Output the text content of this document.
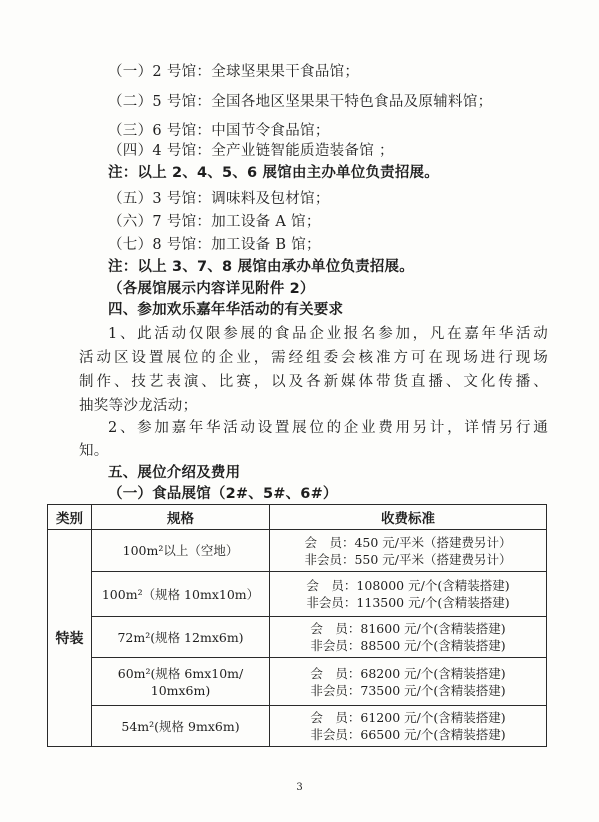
（一）2 号馆：全球坚果果干食品馆；
（二）5 号馆：全国各地区坚果果干特色食品及原辅料馆；
（三）6 号馆：中国节令食品馆；
（四）4 号馆：全产业链智能质造装备馆 ；
注：以上 2、4、5、6 展馆由主办单位负责招展。
（五）3 号馆：调味料及包材馆；
（六）7 号馆：加工设备 A 馆；
（七）8 号馆：加工设备 B 馆；
注：以上 3、7、8 展馆由承办单位负责招展。
（各展馆展示内容详见附件 2）
四、参加欢乐嘉年华活动的有关要求
1、此活动仅限参展的食品企业报名参加，凡在嘉年华活动
活动区设置展位的企业，需经组委会核准方可在现场进行现场
制作、技艺表演、比赛，以及各新媒体带货直播、文化传播、
抽奖等沙龙活动；
2、参加嘉年华活动设置展位的企业费用另计，详情另行通
知。
五、展位介绍及费用
（一）食品展馆（2#、5#、6#）
类别	规格	收费标准
特装	100m²以上（空地）	会　员：450 元/平米（搭建费另计）
非会员：550 元/平米（搭建费另计）

	100m²（规格 10mx10m）	会　员：108000 元/个(含精装搭建)
非会员：113500 元/个(含精装搭建)

	72m²(规格 12mx6m)	会　员：81600 元/个(含精装搭建)
非会员：88500 元/个(含精装搭建)

	60m²(规格 6mx10m/
10mx6m)	会　员：68200 元/个(含精装搭建)
非会员：73500 元/个(含精装搭建)

	54m²(规格 9mx6m)	会　员：61200 元/个(含精装搭建)
非会员：66500 元/个(含精装搭建)
3
